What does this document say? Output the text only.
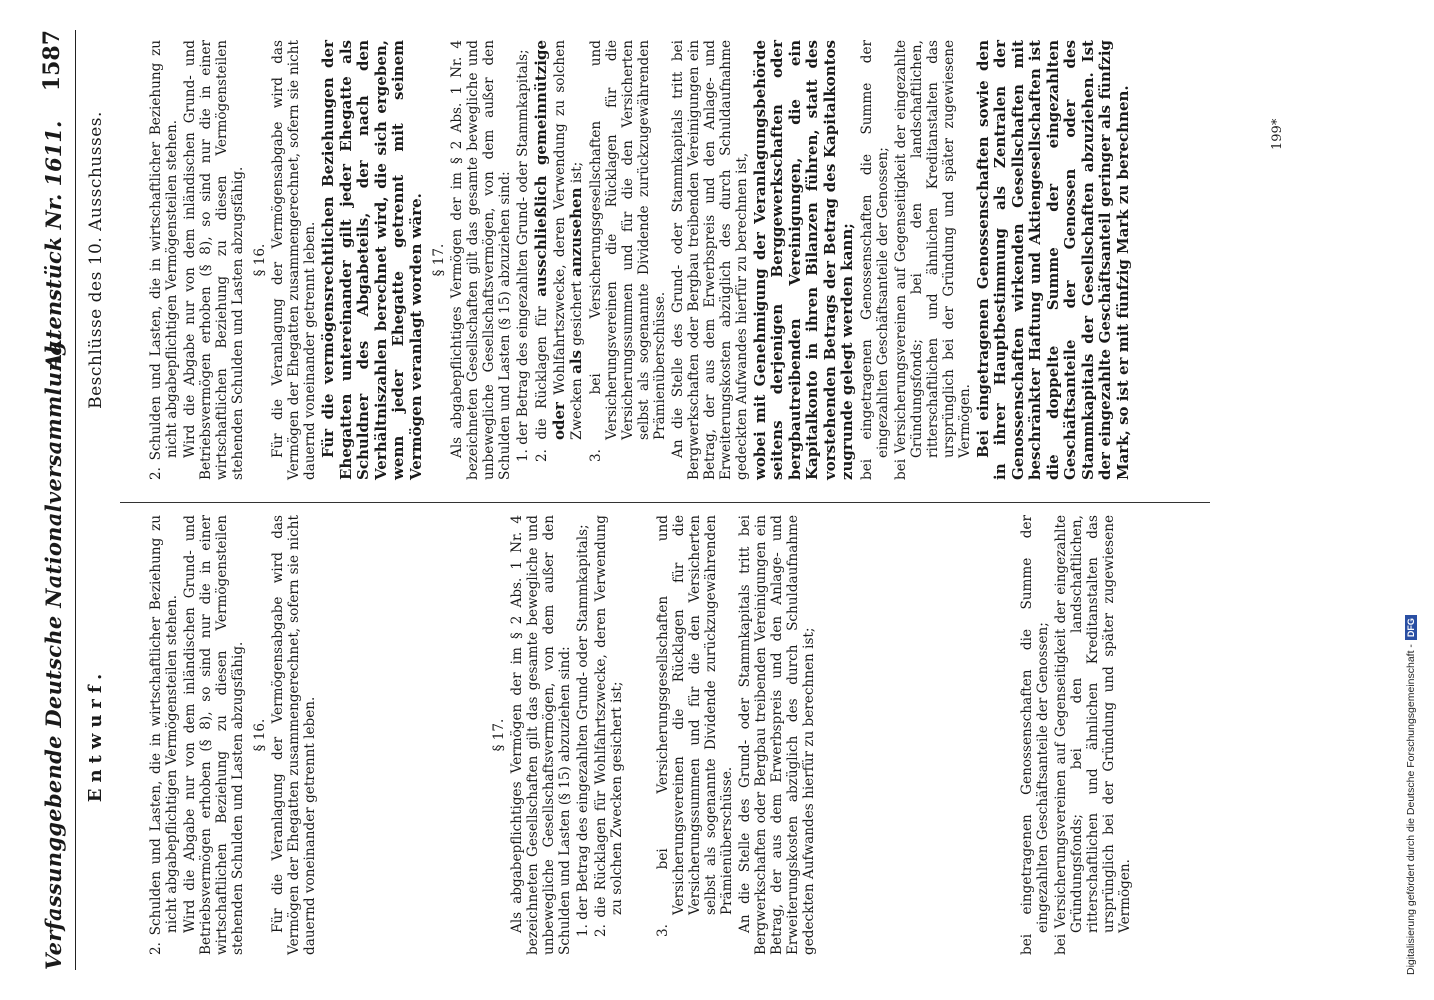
Verfassunggebende Deutsche Nationalversammlung.
Aktenstück Nr. 1611.
1587
Entwurf.	2. Schulden und Lasten, die in wirtschaftlicher Beziehung zu nicht abgabepflichtigen Vermögensteilen stehen. Wird die Abgabe nur von dem inländischen Grund- und Betriebsvermögen erhoben (§ 8), so sind nur die in einer wirtschaftlichen Beziehung zu diesen Vermögensteilen stehenden Schulden und Lasten abzugsfähig. § 16. Für die Veranlagung der Vermögensabgabe wird das Vermögen der Ehegatten zusammengerechnet, sofern sie nicht dauernd voneinander getrennt leben.	§ 17. Als abgabepflichtiges Vermögen der im § 2 Abs. 1 Nr. 4 bezeichneten Gesellschaften gilt das gesamte bewegliche und unbewegliche Gesellschaftsvermögen, von dem außer den Schulden und Lasten (§ 15) abzuziehen sind: 1. der Betrag des eingezahlten Grund- oder Stammkapitals; 2. die Rücklagen für Wohlfahrtszwecke, deren Verwendung zu solchen Zwecken gesichert ist; 3. bei Versicherungsgesellschaften und Versicherungsvereinen die Rücklagen für die Versicherungssummen und für die den Versicherten selbst als sogenannte Dividende zurückzugewährenden Prämienüberschüsse. An die Stelle des Grund- oder Stammkapitals tritt bei Bergwerkschaften oder Bergbau treibenden Vereinigungen ein Betrag, der aus dem Erwerbspreis und den Anlage- und Erweiterungskosten abzüglich des durch Schuldaufnahme gedeckten Aufwandes hierfür zu berechnen ist;	bei eingetragenen Genossenschaften die Summe der eingezahlten Geschäftsanteile der Genossen; bei Versicherungsvereinen auf Gegenseitigkeit der eingezahlte Gründungsfonds; bei den landschaftlichen, ritterschaftlichen und ähnlichen Kreditanstalten das ursprünglich bei der Gründung und später zugewiesene Vermögen.
Beschlüsse des 10. Ausschusses.	2. Schulden und Lasten, die in wirtschaftlicher Beziehung zu nicht abgabepflichtigen Vermögensteilen stehen. Wird die Abgabe nur von dem inländischen Grund- und Betriebsvermögen erhoben (§ 8), so sind nur die in einer wirtschaftlichen Beziehung zu diesen Vermögensteilen stehenden Schulden und Lasten abzugsfähig. § 16. Für die Veranlagung der Vermögensabgabe wird das Vermögen der Ehegatten zusammengerechnet, sofern sie nicht dauernd voneinander getrennt leben. Für die vermögensrechtlichen Beziehungen der Ehegatten untereinander gilt jeder Ehegatte als Schuldner des Abgabeteils, der nach den Verhältniszahlen berechnet wird, die sich ergeben, wenn jeder Ehegatte getrennt mit seinem Vermögen veranlagt worden wäre. § 17. Als abgabepflichtiges Vermögen der im § 2 Abs. 1 Nr. 4 bezeichneten Gesellschaften gilt das gesamte bewegliche und unbewegliche Gesellschaftsvermögen, von dem außer den Schulden und Lasten (§ 15) abzuziehen sind: 1. der Betrag des eingezahlten Grund- oder Stammkapitals; 2. die Rücklagen für ausschließlich gemeinnützige oder Wohlfahrtszwecke, deren Verwendung zu solchen Zwecken als gesichert anzusehen ist; 3. bei Versicherungsgesellschaften und Versicherungsvereinen die Rücklagen für die Versicherungssummen und für die den Versicherten selbst als sogenannte Dividende zurückzugewährenden Prämienüberschüsse. An die Stelle des Grund- oder Stammkapitals tritt bei Bergwerkschaften oder Bergbau treibenden Vereinigungen ein Betrag, der aus dem Erwerbspreis und den Anlage- und Erweiterungskosten abzüglich des durch Schuldaufnahme gedeckten Aufwandes hierfür zu berechnen ist, wobei mit Genehmigung der Veranlagungsbehörde seitens derjenigen Berggewerkschaften oder bergbautreibenden Vereinigungen, die ein Kapitalkonto in ihren Bilanzen führen, statt des vorstehenden Betrags der Betrag des Kapitalkontos zugrunde gelegt werden kann; bei eingetragenen Genossenschaften die Summe der eingezahlten Geschäftsanteile der Genossen; bei Versicherungsvereinen auf Gegenseitigkeit der eingezahlte Gründungsfonds; bei den landschaftlichen, ritterschaftlichen und ähnlichen Kreditanstalten das ursprünglich bei der Gründung und später zugewiesene Vermögen. Bei eingetragenen Genossenschaften sowie den in ihrer Hauptbestimmung als Zentralen der Genossenschaften wirkenden Gesellschaften mit beschränkter Haftung und Aktiengesellschaften ist die doppelte Summe der eingezahlten Geschäftsanteile der Genossen oder des Stammkapitals der Gesellschaften abzuziehen. Ist der eingezahlte Geschäftsanteil geringer als fünfzig Mark, so ist er mit fünfzig Mark zu berechnen.	199*
Digitalisierung gefördert durch die Deutsche Forschungsgemeinschaft -DFG
